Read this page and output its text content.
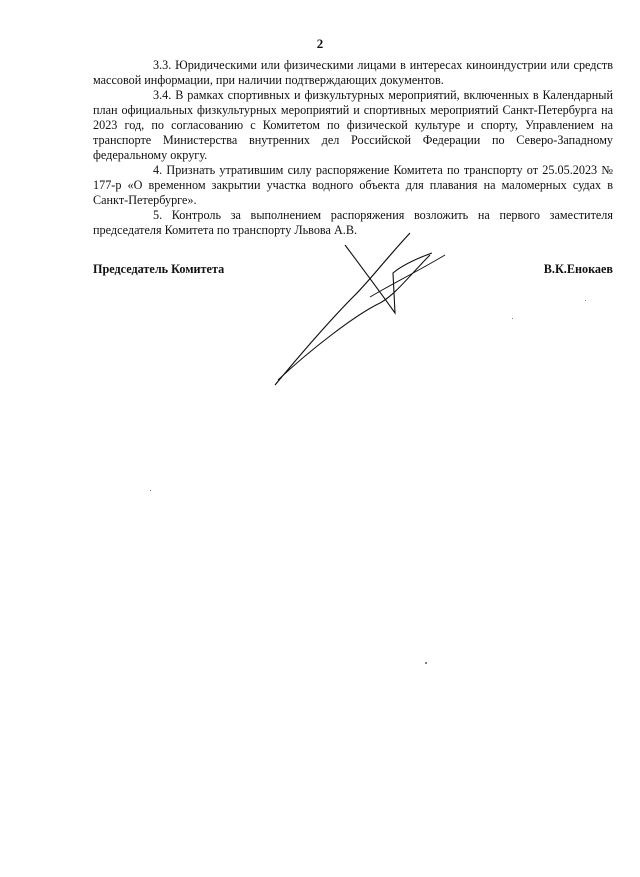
2

3.3. Юридическими или физическими лицами в интересах киноиндустрии или средств массовой информации, при наличии подтверждающих документов.

3.4. В рамках спортивных и физкультурных мероприятий, включенных в Календарный план официальных физкультурных мероприятий и спортивных мероприятий Санкт-Петербурга на 2023 год, по согласованию с Комитетом по физической культуре и спорту, Управлением на транспорте Министерства внутренних дел Российской Федерации по Северо-Западному федеральному округу.

4. Признать утратившим силу распоряжение Комитета по транспорту от 25.05.2023 № 177-р «О временном закрытии участка водного объекта для плавания на маломерных судах в Санкт-Петербурге».

5. Контроль за выполнением распоряжения возложить на первого заместителя председателя Комитета по транспорту Львова А.В.

Председатель Комитета	В.К.Енокаев
